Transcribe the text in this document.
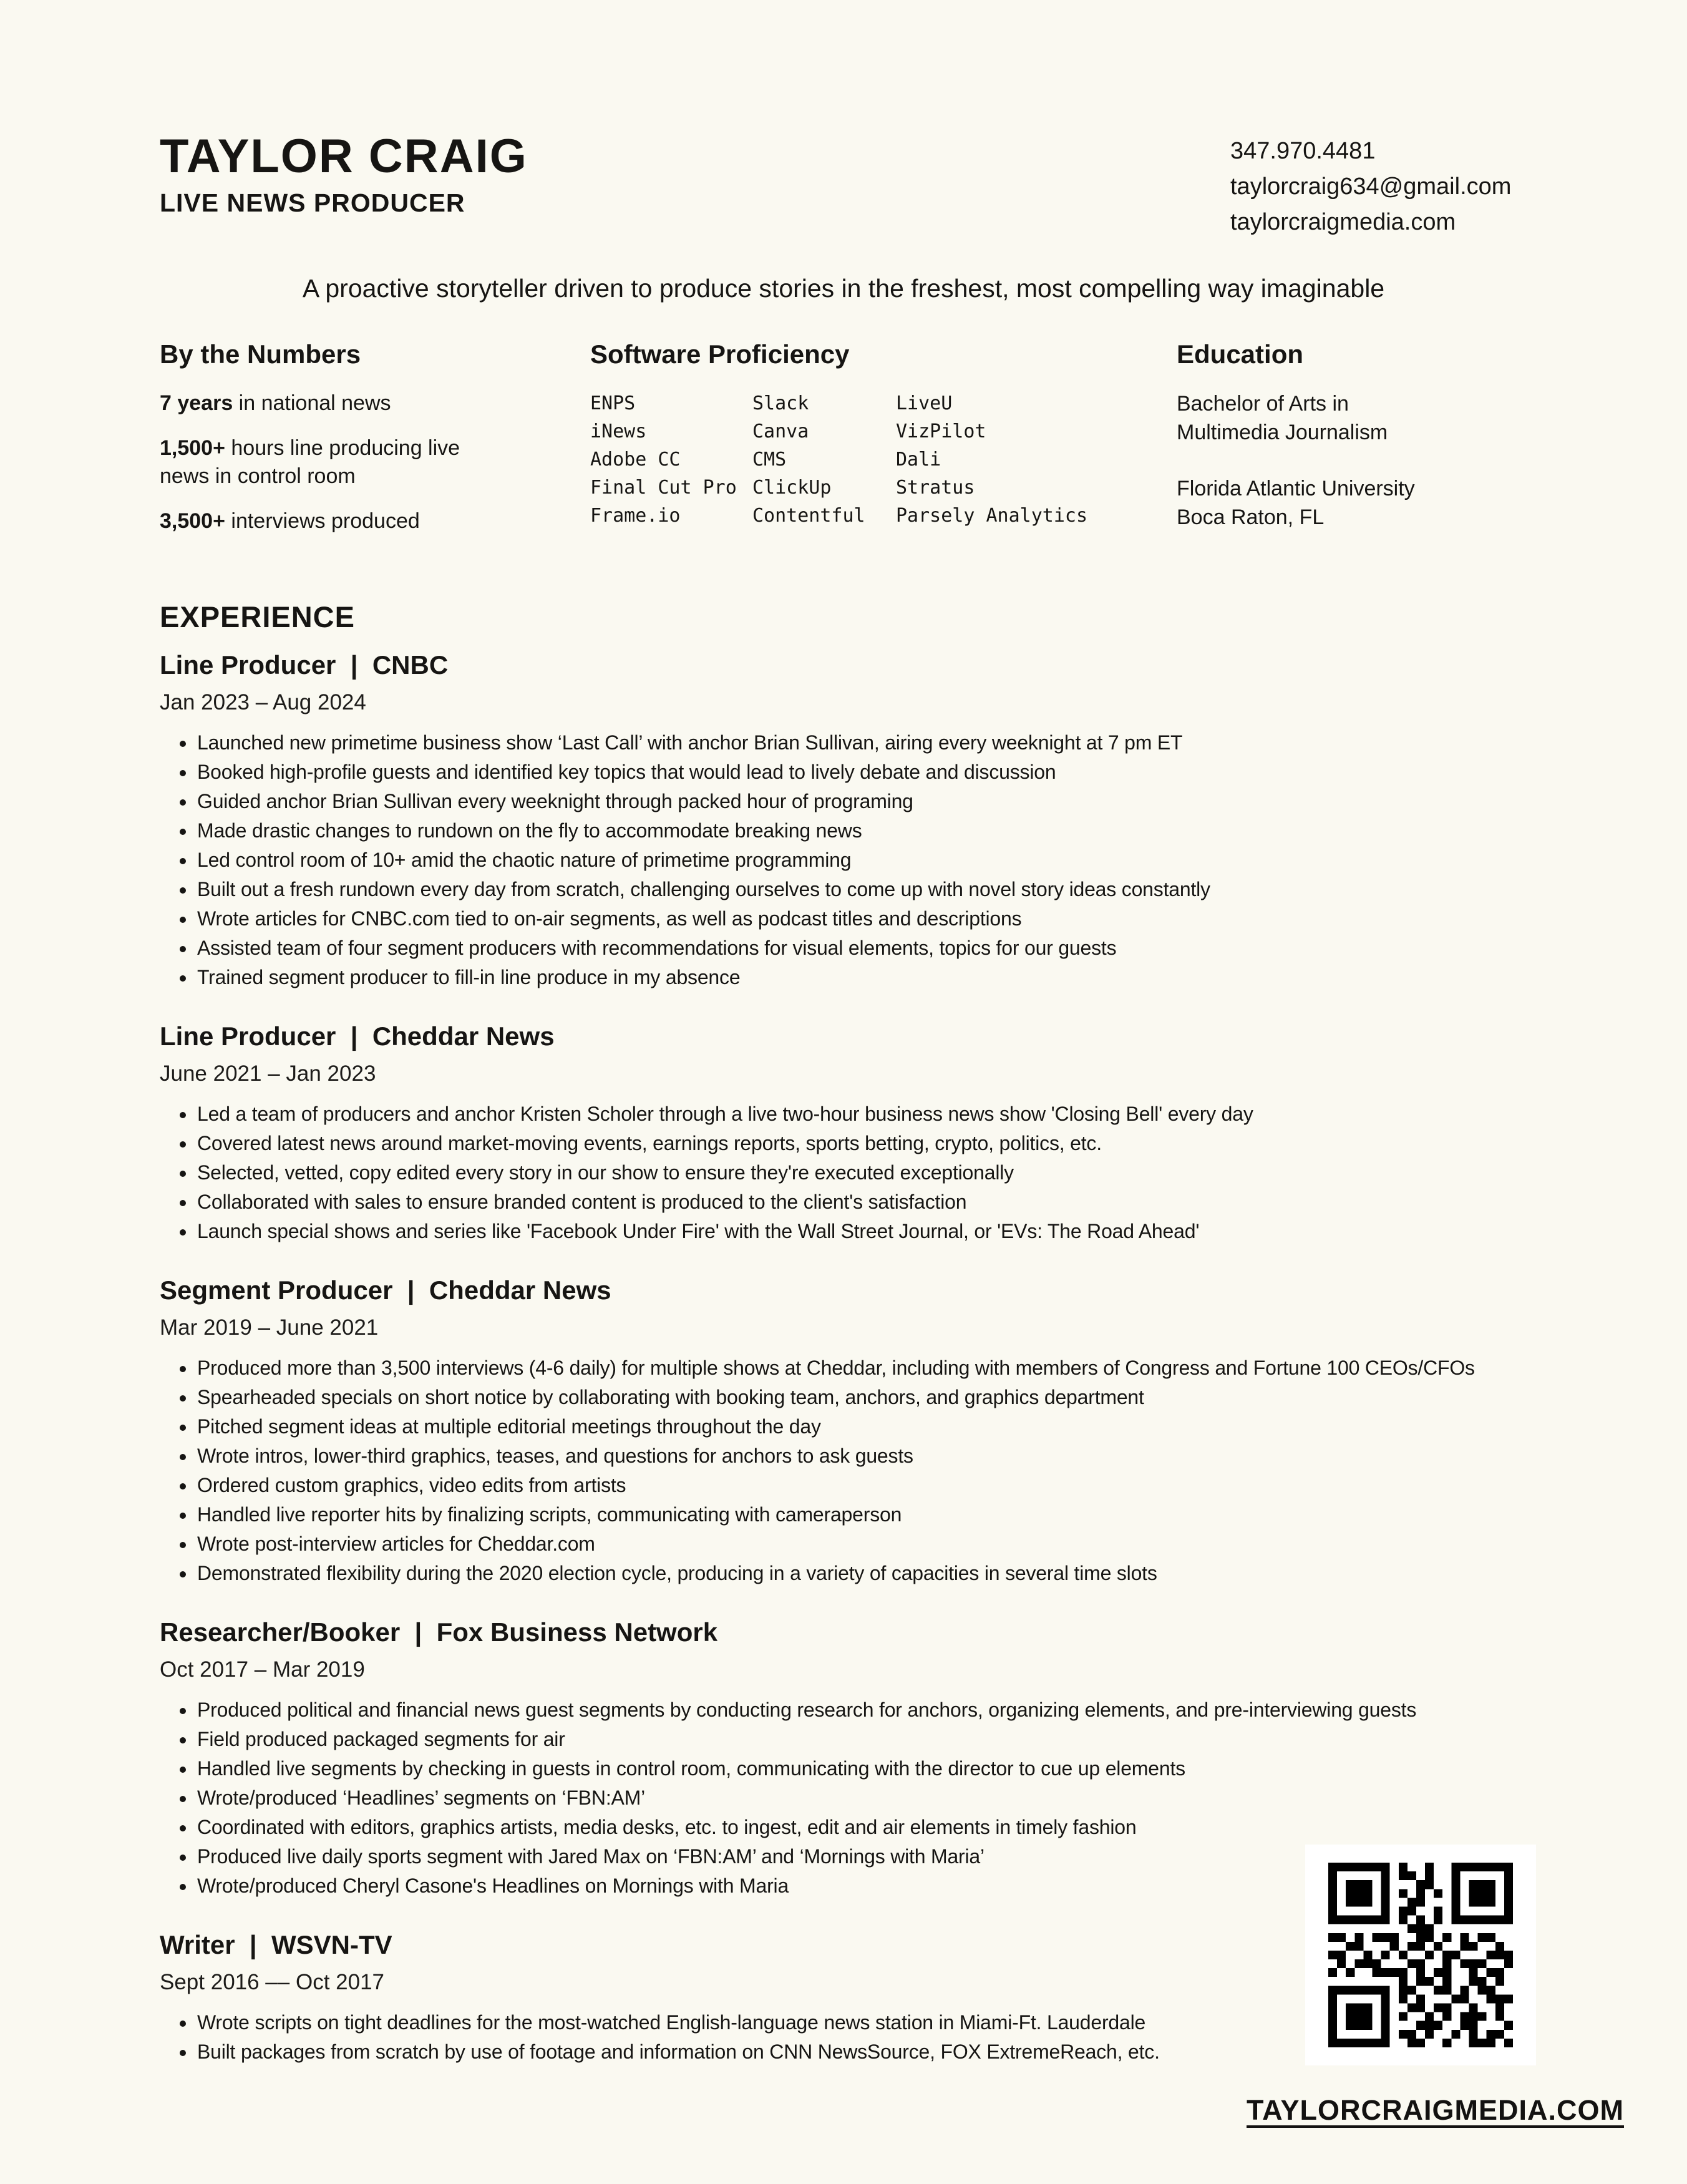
TAYLOR CRAIG
LIVE NEWS PRODUCER
347.970.4481
taylorcraig634@gmail.com
taylorcraigmedia.com
A proactive storyteller driven to produce stories in the freshest, most compelling way imaginable
By the Numbers
7 years in national news
1,500+ hours line producing live news in control room
3,500+ interviews produced
Software Proficiency
ENPS
iNews
Adobe CC
Final Cut Pro
Frame.io
Slack
Canva
CMS
ClickUp
Contentful
LiveU
VizPilot
Dali
Stratus
Parsely Analytics
Education
Bachelor of Arts in
Multimedia Journalism
Florida Atlantic University
Boca Raton, FL
EXPERIENCE
Line Producer  |  CNBC
Jan 2023 – Aug 2024
• Launched new primetime business show ‘Last Call’ with anchor Brian Sullivan, airing every weeknight at 7 pm ET
• Booked high-profile guests and identified key topics that would lead to lively debate and discussion
• Guided anchor Brian Sullivan every weeknight through packed hour of programing
• Made drastic changes to rundown on the fly to accommodate breaking news
• Led control room of 10+ amid the chaotic nature of primetime programming
• Built out a fresh rundown every day from scratch, challenging ourselves to come up with novel story ideas constantly
• Wrote articles for CNBC.com tied to on-air segments, as well as podcast titles and descriptions
• Assisted team of four segment producers with recommendations for visual elements, topics for our guests
• Trained segment producer to fill-in line produce in my absence
Line Producer  |  Cheddar News
June 2021 – Jan 2023
• Led a team of producers and anchor Kristen Scholer through a live two-hour business news show 'Closing Bell' every day
• Covered latest news around market-moving events, earnings reports, sports betting, crypto, politics, etc.
• Selected, vetted, copy edited every story in our show to ensure they're executed exceptionally
• Collaborated with sales to ensure branded content is produced to the client's satisfaction
• Launch special shows and series like 'Facebook Under Fire' with the Wall Street Journal, or 'EVs: The Road Ahead'
Segment Producer  |  Cheddar News
Mar 2019 – June 2021
• Produced more than 3,500 interviews (4-6 daily) for multiple shows at Cheddar, including with members of Congress and Fortune 100 CEOs/CFOs
• Spearheaded specials on short notice by collaborating with booking team, anchors, and graphics department
• Pitched segment ideas at multiple editorial meetings throughout the day
• Wrote intros, lower-third graphics, teases, and questions for anchors to ask guests
• Ordered custom graphics, video edits from artists
• Handled live reporter hits by finalizing scripts, communicating with cameraperson
• Wrote post-interview articles for Cheddar.com
• Demonstrated flexibility during the 2020 election cycle, producing in a variety of capacities in several time slots
Researcher/Booker  |  Fox Business Network
Oct 2017 – Mar 2019
• Produced political and financial news guest segments by conducting research for anchors, organizing elements, and pre-interviewing guests
• Field produced packaged segments for air
• Handled live segments by checking in guests in control room, communicating with the director to cue up elements
• Wrote/produced ‘Headlines’ segments on ‘FBN:AM’
• Coordinated with editors, graphics artists, media desks, etc. to ingest, edit and air elements in timely fashion
• Produced live daily sports segment with Jared Max on ‘FBN:AM’ and ‘Mornings with Maria’
• Wrote/produced Cheryl Casone's Headlines on Mornings with Maria
Writer  |  WSVN-TV
Sept 2016 –– Oct 2017
• Wrote scripts on tight deadlines for the most-watched English-language news station in Miami-Ft. Lauderdale
• Built packages from scratch by use of footage and information on CNN NewsSource, FOX ExtremeReach, etc.
TAYLORCRAIGMEDIA.COM
